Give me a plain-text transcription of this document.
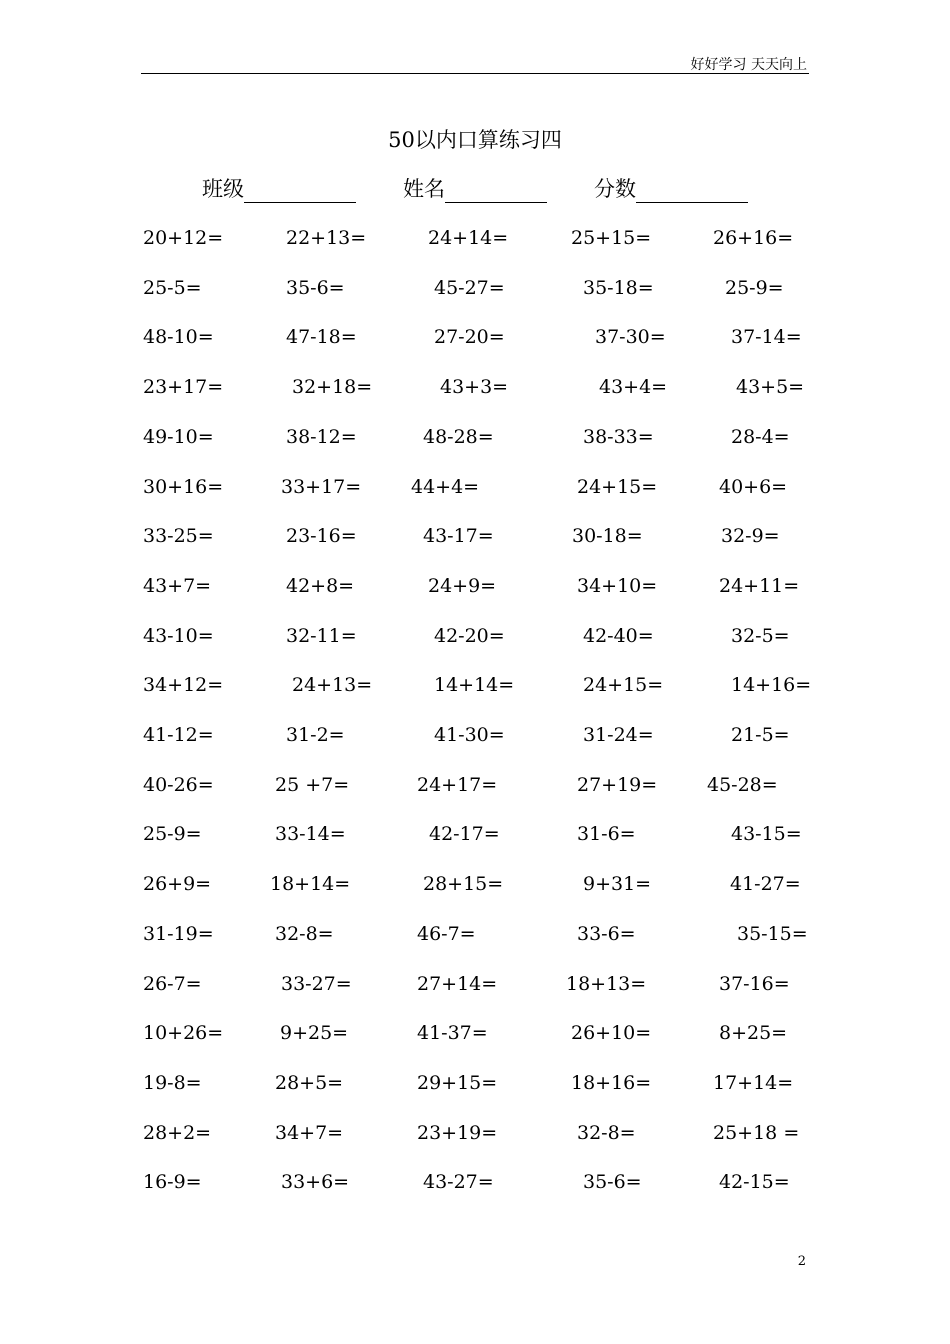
好好学习 天天向上
50以内口算练习四
班级	姓名	分数
20+12=	22+13=	24+14=	25+15=	26+16=
25-5=	35-6=	45-27=	35-18=	25-9=
48-10=	47-18=	27-20=	37-30=	37-14=
23+17=	32+18=	43+3=	43+4=	43+5=
49-10=	38-12=	48-28=	38-33=	28-4=
30+16=	33+17=	44+4=	24+15=	40+6=
33-25=	23-16=	43-17=	30-18=	32-9=
43+7=	42+8=	24+9=	34+10=	24+11=
43-10=	32-11=	42-20=	42-40=	32-5=
34+12=	24+13=	14+14=	24+15=	14+16=
41-12=	31-2=	41-30=	31-24=	21-5=
40-26=	25 +7=	24+17=	27+19=	45-28=
25-9=	33-14=	42-17=	31-6=	43-15=
26+9=	18+14=	28+15=	9+31=	41-27=
31-19=	32-8=	46-7=	33-6=	35-15=
26-7=	33-27=	27+14=	18+13=	37-16=
10+26=	9+25=	41-37=	26+10=	8+25=
19-8=	28+5=	29+15=	18+16=	17+14=
28+2=	34+7=	23+19=	32-8=	25+18 =
16-9=	33+6=	43-27=	35-6=	42-15=
2
